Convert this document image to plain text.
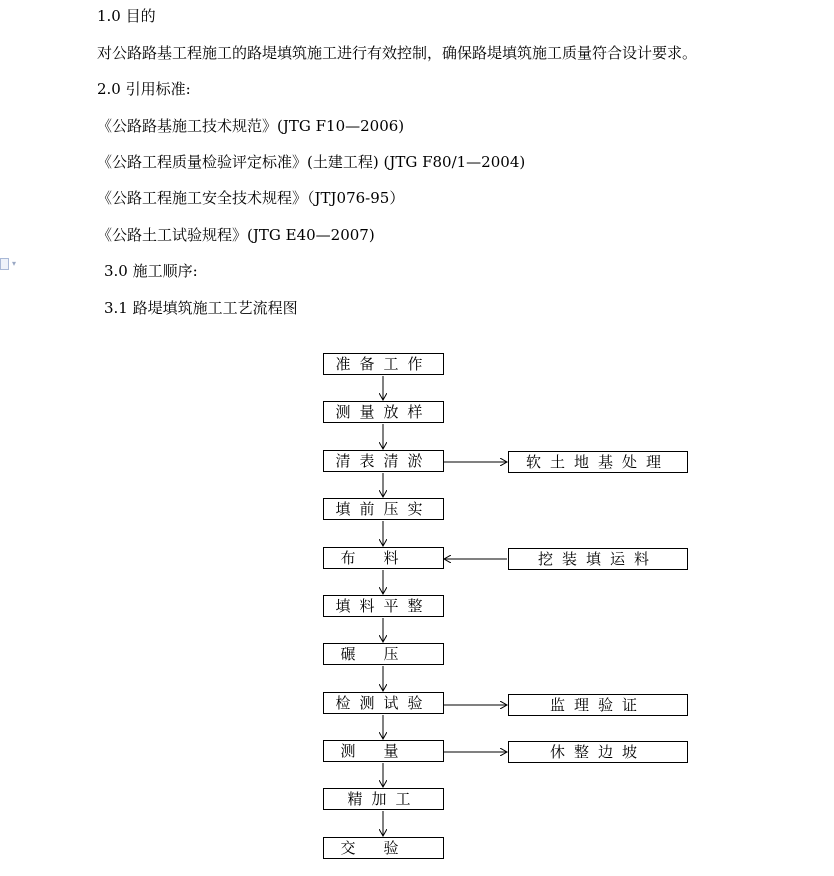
▾
1.0 目的
对公路路基工程施工的路堤填筑施工进行有效控制，确保路堤填筑施工质量符合设计要求。
2.0 引用标准:
《公路路基施工技术规范》(JTG F10—2006)
《公路工程质量检验评定标准》(土建工程) (JTG F80/1—2004)
《公路工程施工安全技术规程》（JTJ076-95）
《公路土工试验规程》(JTG E40—2007)
3.0 施工顺序:
3.1 路堤填筑施工工艺流程图
准备工作
测量放样
清表清淤
填前压实
布料
填料平整
碾压
检测试验
测量
精加工
交验
软土地基处理
挖装填运料
监理验证
休整边坡
